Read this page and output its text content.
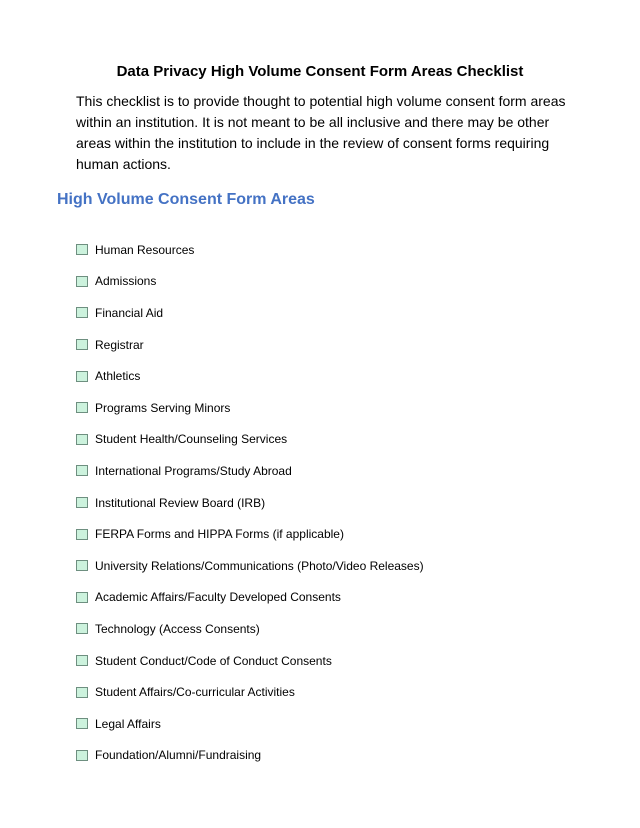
Data Privacy High Volume Consent Form Areas Checklist

This checklist is to provide thought to potential high volume consent form areas within an institution. It is not meant to be all inclusive and there may be other areas within the institution to include in the review of consent forms requiring human actions.

High Volume Consent Form Areas
Human Resources
Admissions
Financial Aid
Registrar
Athletics
Programs Serving Minors
Student Health/Counseling Services
International Programs/Study Abroad
Institutional Review Board (IRB)
FERPA Forms and HIPPA Forms (if applicable)
University Relations/Communications (Photo/Video Releases)
Academic Affairs/Faculty Developed Consents
Technology (Access Consents)
Student Conduct/Code of Conduct Consents
Student Affairs/Co-curricular Activities
Legal Affairs
Foundation/Alumni/Fundraising
